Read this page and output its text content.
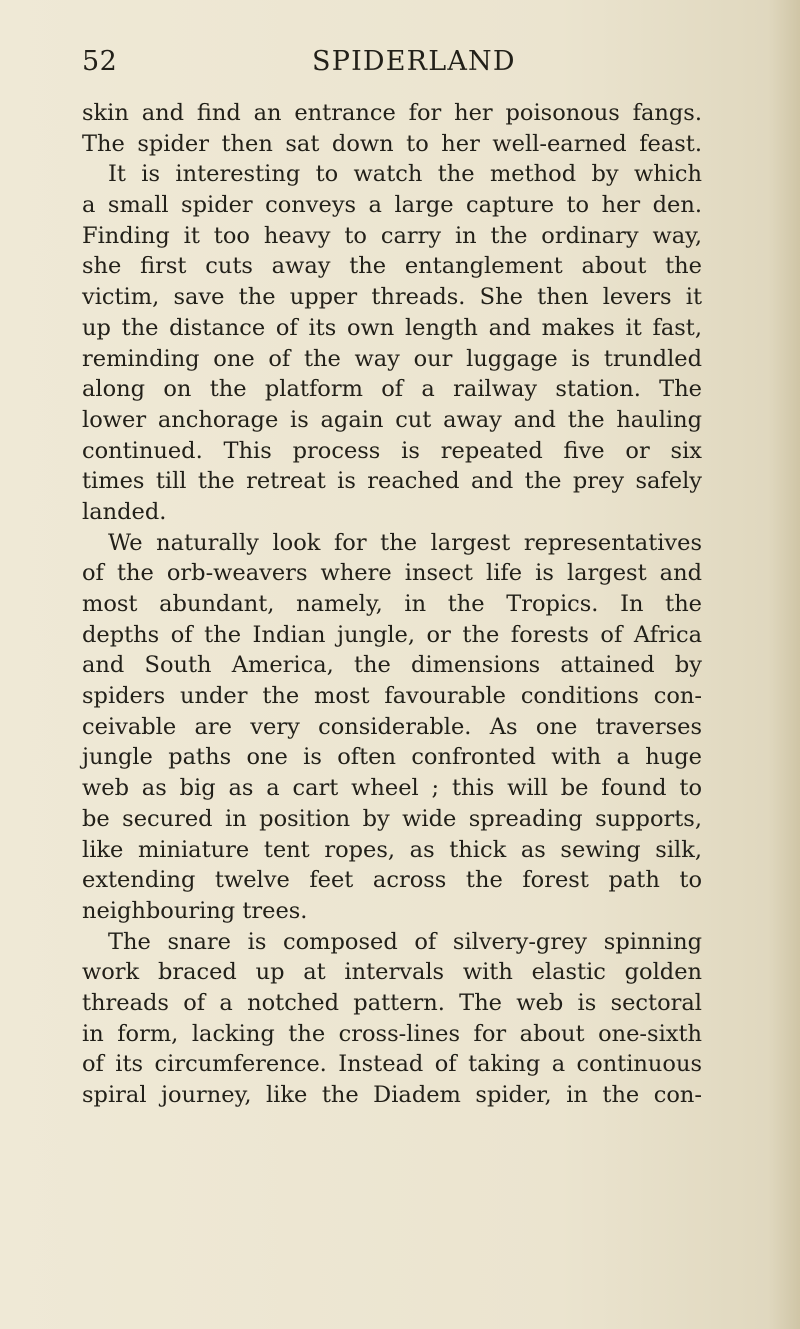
52	SPIDERLAND
skin and find an entrance for her poisonous fangs.
The spider then sat down to her well-earned feast.
It is interesting to watch the method by which
a small spider conveys a large capture to her den.
Finding it too heavy to carry in the ordinary way,
she first cuts away the entanglement about the
victim, save the upper threads. She then levers it
up the distance of its own length and makes it fast,
reminding one of the way our luggage is trundled
along on the platform of a railway station. The
lower anchorage is again cut away and the hauling
continued. This process is repeated five or six
times till the retreat is reached and the prey safely
landed.
We naturally look for the largest representatives
of the orb-weavers where insect life is largest and
most abundant, namely, in the Tropics. In the
depths of the Indian jungle, or the forests of Africa
and South America, the dimensions attained by
spiders under the most favourable conditions con-
ceivable are very considerable. As one traverses
jungle paths one is often confronted with a huge
web as big as a cart wheel ; this will be found to
be secured in position by wide spreading supports,
like miniature tent ropes, as thick as sewing silk,
extending twelve feet across the forest path to
neighbouring trees.
The snare is composed of silvery-grey spinning
work braced up at intervals with elastic golden
threads of a notched pattern. The web is sectoral
in form, lacking the cross-lines for about one-sixth
of its circumference. Instead of taking a continuous
spiral journey, like the Diadem spider, in the con-
